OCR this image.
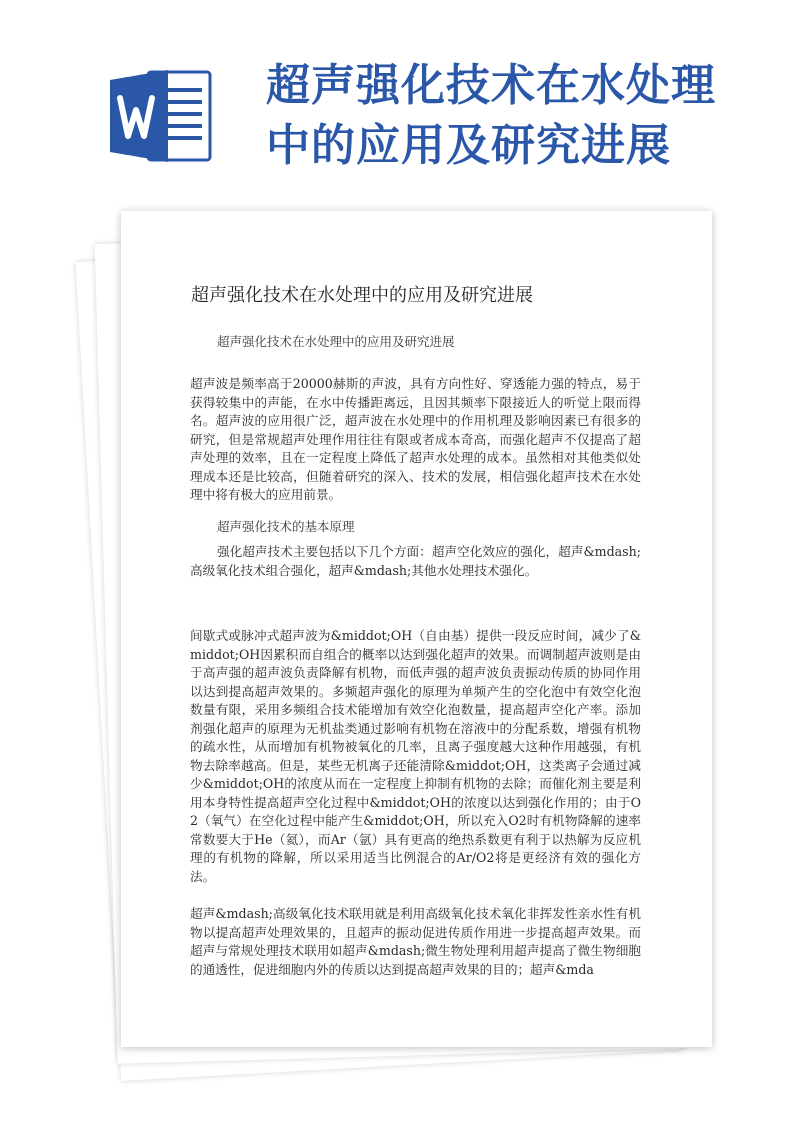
超声强化技术在水处理
中的应用及研究进展
超声强化技术在水处理中的应用及研究进展
超声强化技术在水处理中的应用及研究进展
超声波是频率高于20000赫斯的声波，具有方向性好、穿透能力强的特点，易于获得较集中的声能，在水中传播距离远，且因其频率下限接近人的听觉上限而得名。超声波的应用很广泛，超声波在水处理中的作用机理及影响因素已有很多的研究，但是常规超声处理作用往往有限或者成本奇高，而强化超声不仅提高了超声处理的效率，且在一定程度上降低了超声水处理的成本。虽然相对其他类似处理成本还是比较高，但随着研究的深入、技术的发展，相信强化超声技术在水处理中将有极大的应用前景。
超声强化技术的基本原理
强化超声技术主要包括以下几个方面：超声空化效应的强化，超声&mdash;高级氧化技术组合强化，超声&mdash;其他水处理技术强化。
间歇式或脉冲式超声波为&middot;OH（自由基）提供一段反应时间，减少了&middot;OH因累积而自组合的概率以达到强化超声的效果。而调制超声波则是由于高声强的超声波负责降解有机物，而低声强的超声波负责振动传质的协同作用以达到提高超声效果的。多频超声强化的原理为单频产生的空化泡中有效空化泡数量有限，采用多频组合技术能增加有效空化泡数量，提高超声空化产率。添加剂强化超声的原理为无机盐类通过影响有机物在溶液中的分配系数，增强有机物的疏水性，从而增加有机物被氧化的几率，且离子强度越大这种作用越强，有机物去除率越高。但是，某些无机离子还能清除&middot;OH，这类离子会通过减少&middot;OH的浓度从而在一定程度上抑制有机物的去除；而催化剂主要是利用本身特性提高超声空化过程中&middot;OH的浓度以达到强化作用的；由于O2（氧气）在空化过程中能产生&middot;OH，所以充入O2时有机物降解的速率常数要大于He（氦），而Ar（氩）具有更高的绝热系数更有利于以热解为反应机理的有机物的降解，所以采用适当比例混合的Ar/O2将是更经济有效的强化方法。
超声&mdash;高级氧化技术联用就是利用高级氧化技术氧化非挥发性亲水性有机物以提高超声处理效果的，且超声的振动促进传质作用进一步提高超声效果。而超声与常规处理技术联用如超声&mdash;微生物处理利用超声提高了微生物细胞的通透性，促进细胞内外的传质以达到提高超声效果的目的；超声&mda
